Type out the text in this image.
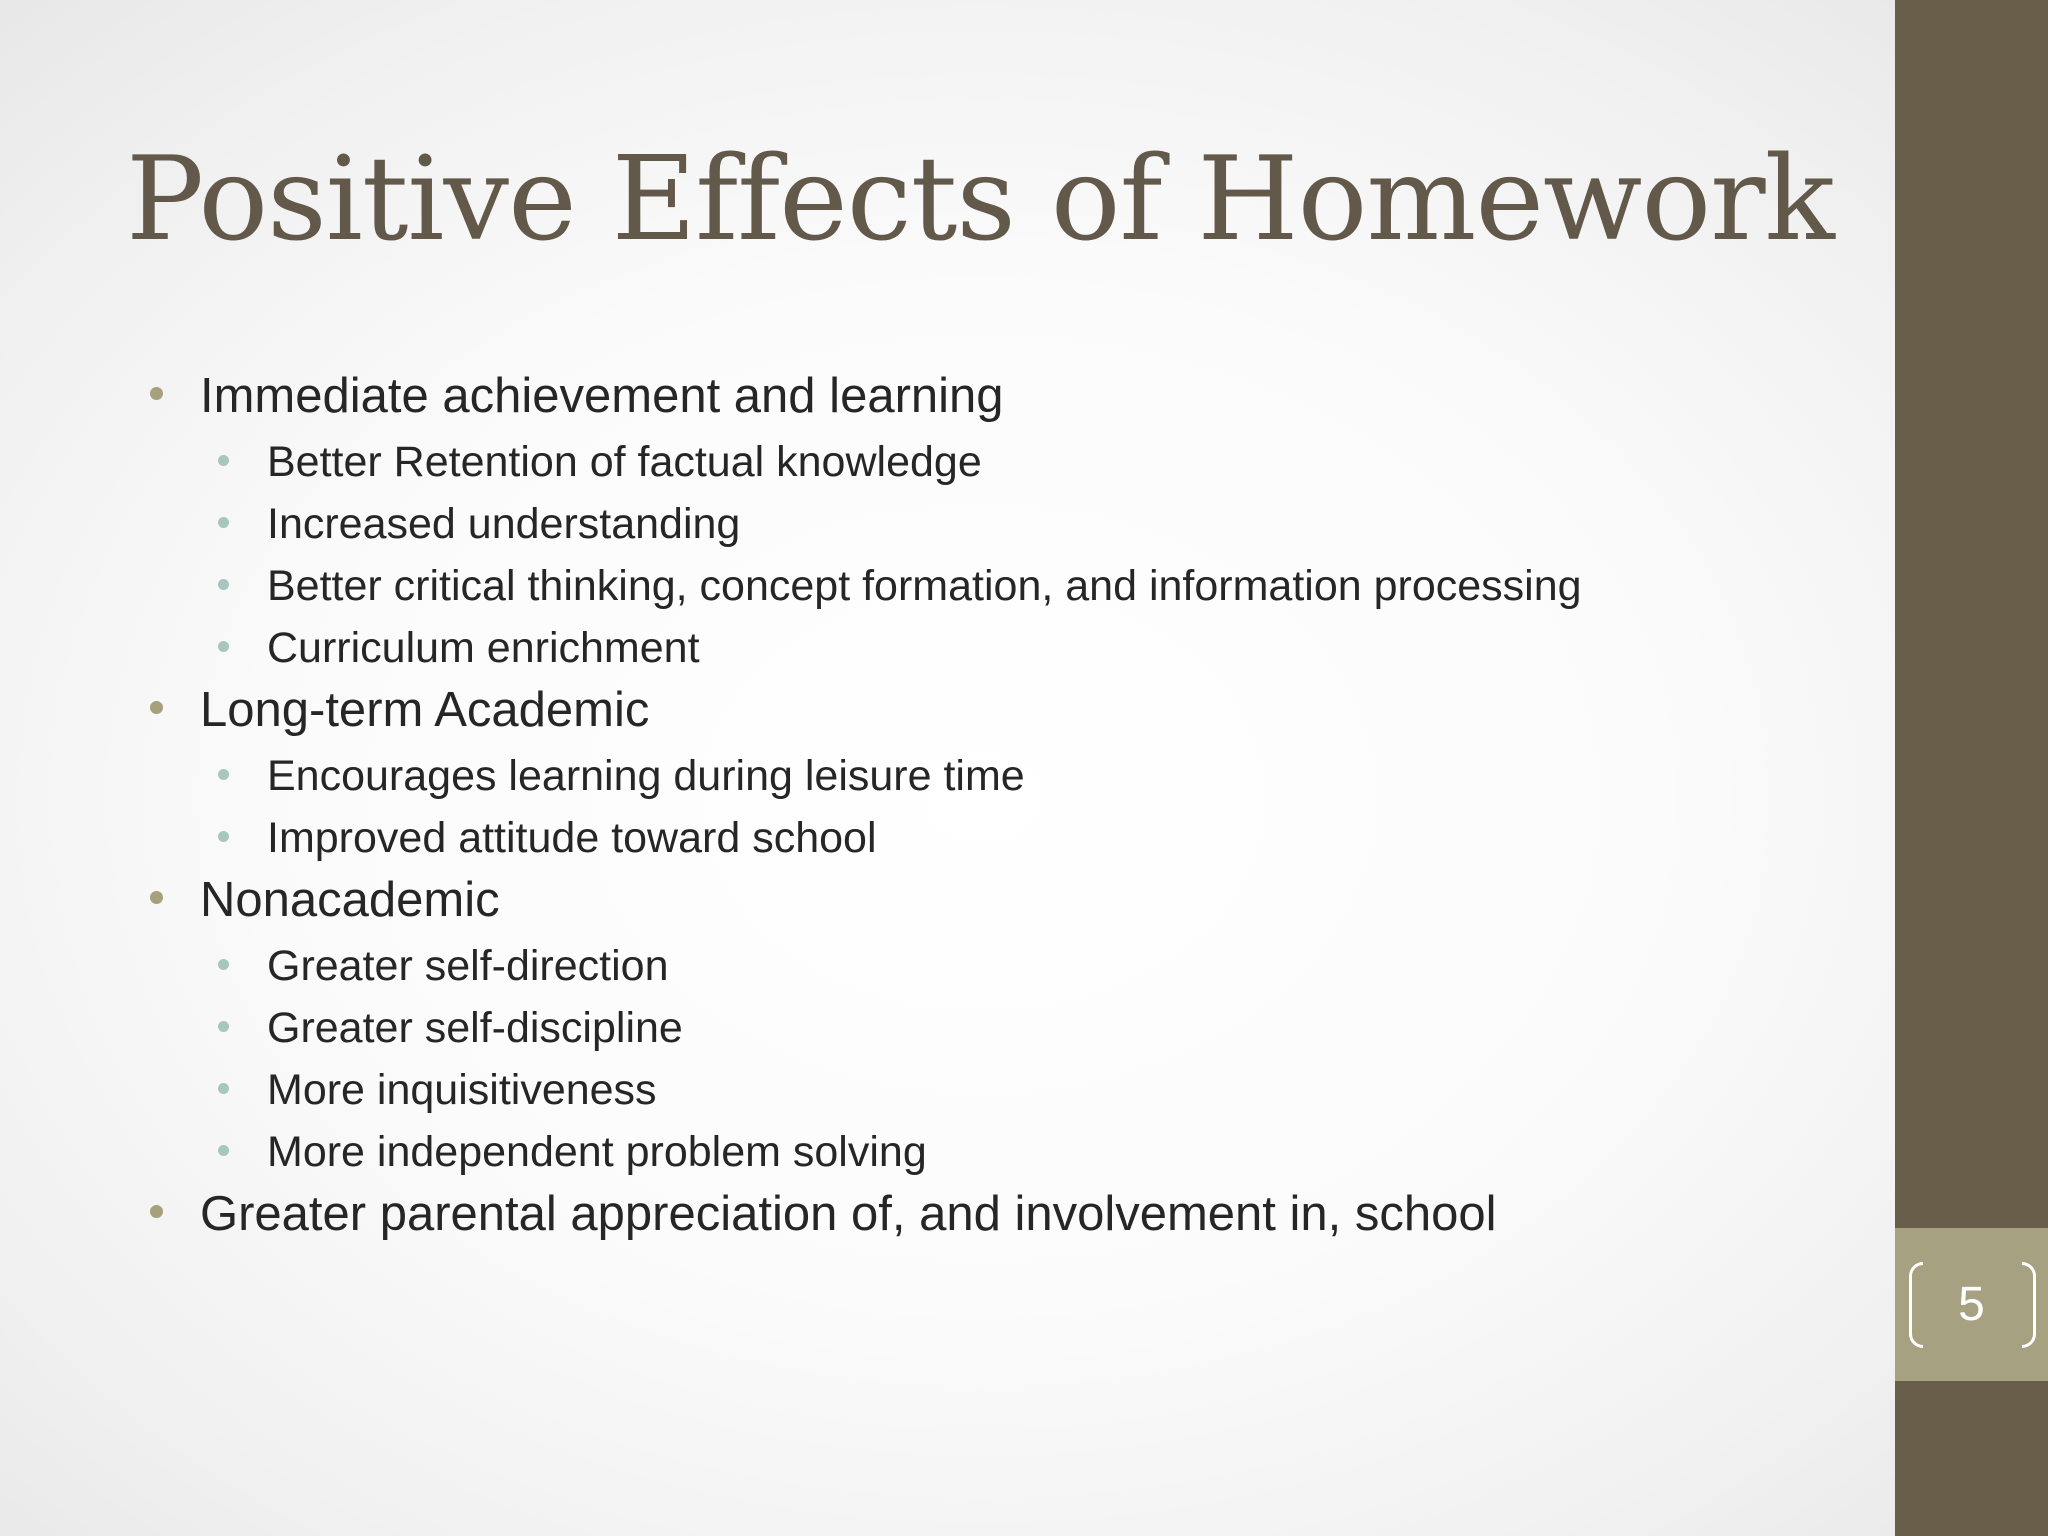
Positive Effects of Homework
Immediate achievement and learning
Better Retention of factual knowledge
Increased understanding
Better critical thinking, concept formation, and information processing
Curriculum enrichment
Long-term Academic
Encourages learning during leisure time
Improved attitude toward school
Nonacademic
Greater self-direction
Greater self-discipline
More inquisitiveness
More independent problem solving
Greater parental appreciation of, and involvement in, school
5
